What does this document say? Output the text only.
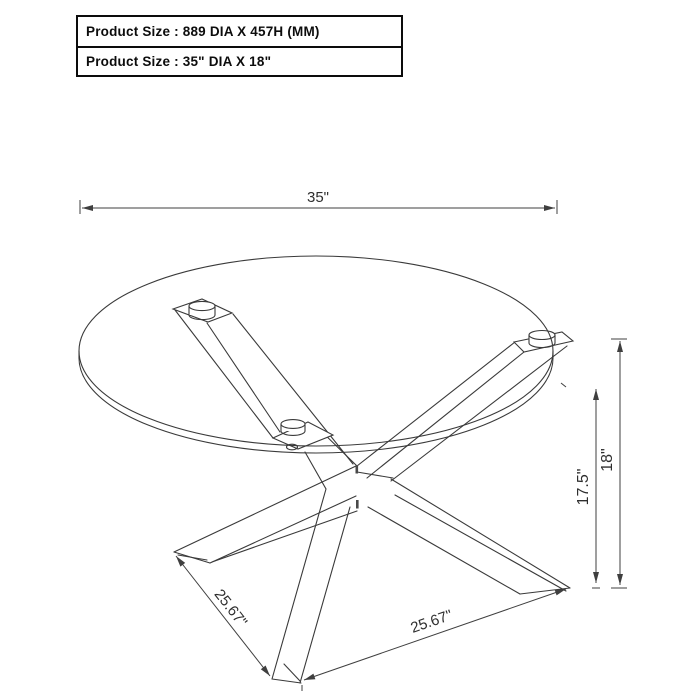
35"
18"
17.5"
25.67"	25.67"
Product Size : 889 DIA X 457H (MM)
Product Size : 35" DIA X 18"
